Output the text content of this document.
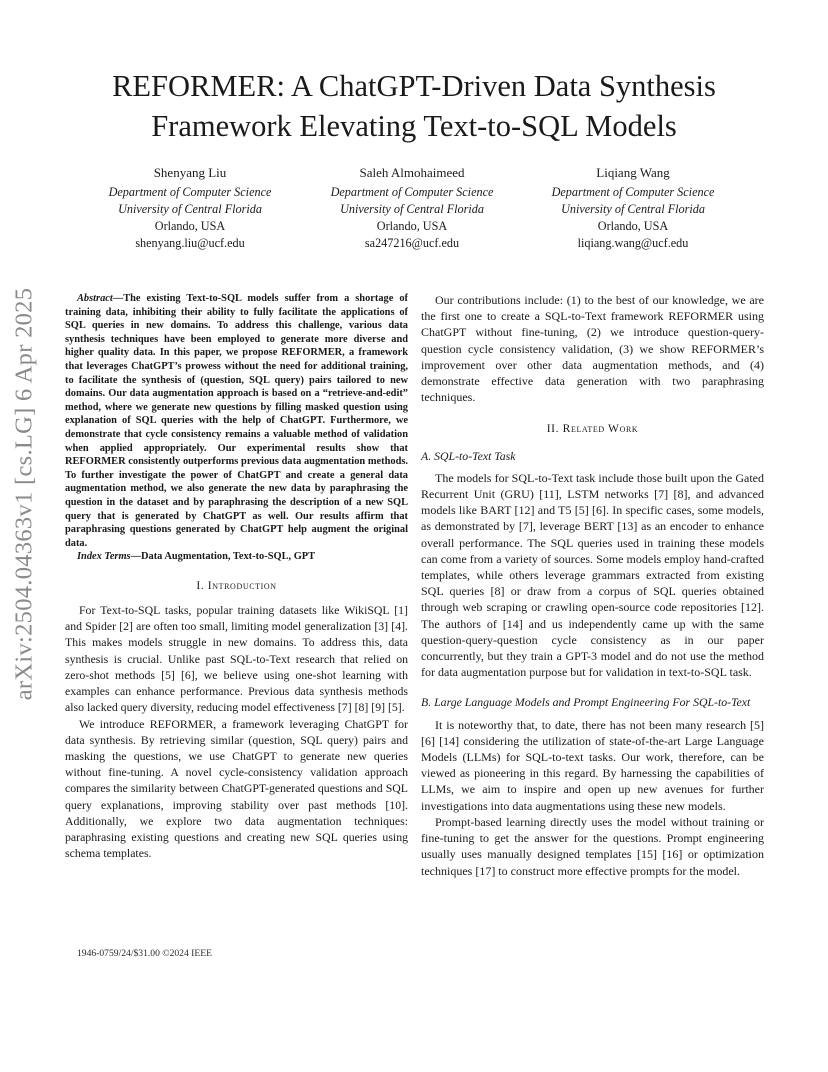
REFORMER: A ChatGPT-Driven Data Synthesis
Framework Elevating Text-to-SQL Models
Shenyang Liu
Department of Computer Science
University of Central Florida
Orlando, USA
shenyang.liu@ucf.edu
Saleh Almohaimeed
Department of Computer Science
University of Central Florida
Orlando, USA
sa247216@ucf.edu
Liqiang Wang
Department of Computer Science
University of Central Florida
Orlando, USA
liqiang.wang@ucf.edu
arXiv:2504.04363v1 [cs.LG] 6 Apr 2025	Abstract—The existing Text-to-SQL models suffer from a shortage of training data, inhibiting their ability to fully facilitate the applications of SQL queries in new domains. To address this challenge, various data synthesis techniques have been employed to generate more diverse and higher quality data. In this paper, we propose REFORMER, a framework that leverages ChatGPT’s prowess without the need for additional training, to facilitate the synthesis of (question, SQL query) pairs tailored to new domains. Our data augmentation approach is based on a “retrieve-and-edit” method, where we generate new questions by filling masked question using explanation of SQL queries with the help of ChatGPT. Furthermore, we demonstrate that cycle consistency remains a valuable method of validation when applied appropriately. Our experimental results show that REFORMER consistently outperforms previous data augmentation methods. To further investigate the power of ChatGPT and create a general data augmentation method, we also generate the new data by paraphrasing the question in the dataset and by paraphrasing the description of a new SQL query that is generated by ChatGPT as well. Our results affirm that paraphrasing questions generated by ChatGPT help augment the original data.

Index Terms—Data Augmentation, Text-to-SQL, GPT

I. Introduction

For Text-to-SQL tasks, popular training datasets like WikiSQL [1] and Spider [2] are often too small, limiting model generalization [3] [4]. This makes models struggle in new domains. To address this, data synthesis is crucial. Unlike past SQL-to-Text research that relied on zero-shot methods [5] [6], we believe using one-shot learning with examples can enhance performance. Previous data synthesis methods also lacked query diversity, reducing model effectiveness [7] [8] [9] [5].

We introduce REFORMER, a framework leveraging ChatGPT for data synthesis. By retrieving similar (question, SQL query) pairs and masking the questions, we use ChatGPT to generate new queries without fine-tuning. A novel cycle-consistency validation approach compares the similarity between ChatGPT-generated questions and SQL query explanations, improving stability over past methods [10]. Additionally, we explore two data augmentation techniques: paraphrasing existing questions and creating new SQL queries using schema templates.

Our contributions include: (1) to the best of our knowledge, we are the first one to create a SQL-to-Text framework REFORMER using ChatGPT without fine-tuning, (2) we introduce question-query-question cycle consistency validation, (3) we show REFORMER’s improvement over other data augmentation methods, and (4) demonstrate effective data generation with two paraphrasing techniques.

II. Related Work
A. SQL-to-Text Task

The models for SQL-to-Text task include those built upon the Gated Recurrent Unit (GRU) [11], LSTM networks [7] [8], and advanced models like BART [12] and T5 [5] [6]. In specific cases, some models, as demonstrated by [7], leverage BERT [13] as an encoder to enhance overall performance. The SQL queries used in training these models can come from a variety of sources. Some models employ hand-crafted templates, while others leverage grammars extracted from existing SQL queries [8] or draw from a corpus of SQL queries obtained through web scraping or crawling open-source code repositories [12]. The authors of [14] and us independently came up with the same question-query-question cycle consistency as in our paper concurrently, but they train a GPT-3 model and do not use the method for data augmentation purpose but for validation in text-to-SQL task.

B. Large Language Models and Prompt Engineering For SQL-to-Text

It is noteworthy that, to date, there has not been many research [5] [6] [14] considering the utilization of state-of-the-art Large Language Models (LLMs) for SQL-to-text tasks. Our work, therefore, can be viewed as pioneering in this regard. By harnessing the capabilities of LLMs, we aim to inspire and open up new avenues for further investigations into data augmentations using these new models.

Prompt-based learning directly uses the model without training or fine-tuning to get the answer for the questions. Prompt engineering usually uses manually designed templates [15] [16] or optimization techniques [17] to construct more effective prompts for the model.

1946-0759/24/$31.00 ©2024 IEEE
